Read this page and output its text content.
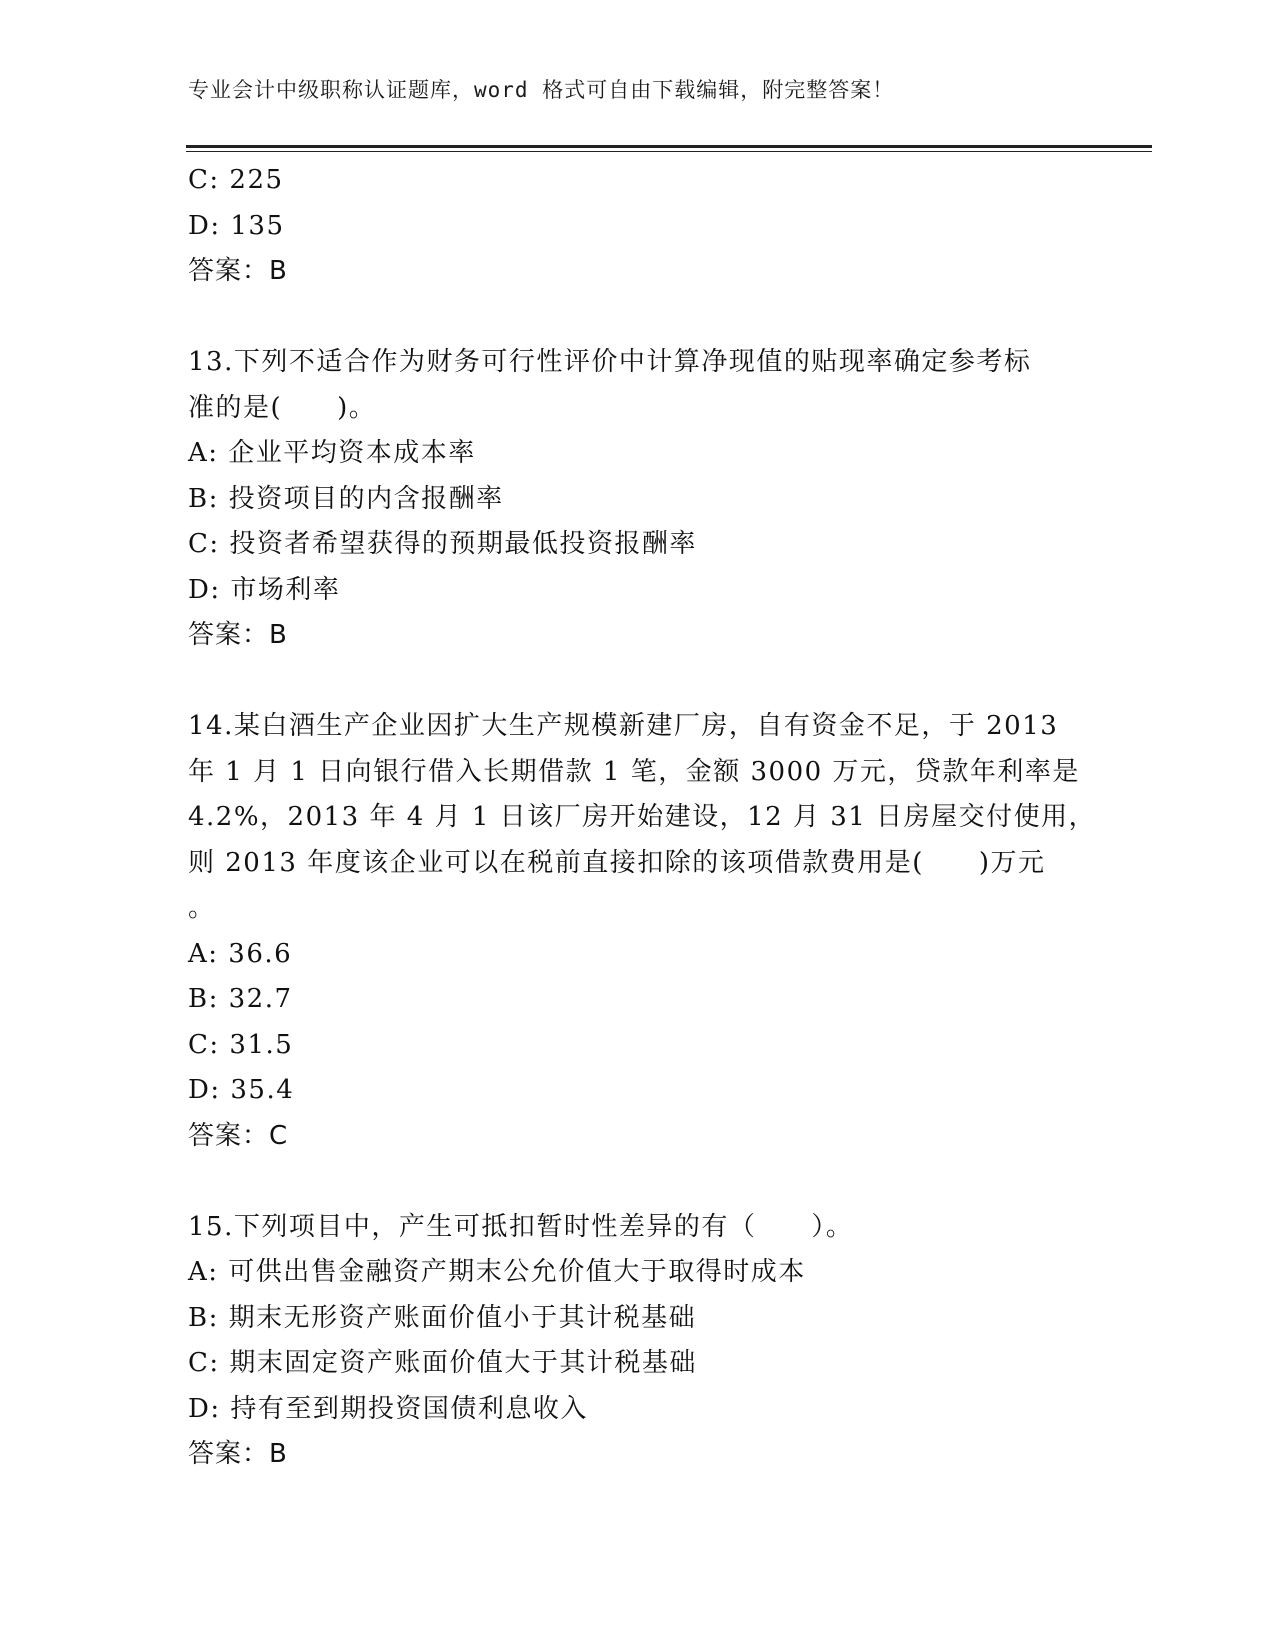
专业会计中级职称认证题库，word 格式可自由下载编辑，附完整答案！
C: 225
D: 135
答案：B
13.下列不适合作为财务可行性评价中计算净现值的贴现率确定参考标
准的是(　　)。
A: 企业平均资本成本率
B: 投资项目的内含报酬率
C: 投资者希望获得的预期最低投资报酬率
D: 市场利率
答案：B
14.某白酒生产企业因扩大生产规模新建厂房，自有资金不足，于 2013
年 1 月 1 日向银行借入长期借款 1 笔，金额 3000 万元，贷款年利率是
4.2%，2013 年 4 月 1 日该厂房开始建设，12 月 31 日房屋交付使用，
则 2013 年度该企业可以在税前直接扣除的该项借款费用是(　　)万元
。
A: 36.6
B: 32.7
C: 31.5
D: 35.4
答案：C
15.下列项目中，产生可抵扣暂时性差异的有（　　）。
A: 可供出售金融资产期末公允价值大于取得时成本
B: 期末无形资产账面价值小于其计税基础
C: 期末固定资产账面价值大于其计税基础
D: 持有至到期投资国债利息收入
答案：B
